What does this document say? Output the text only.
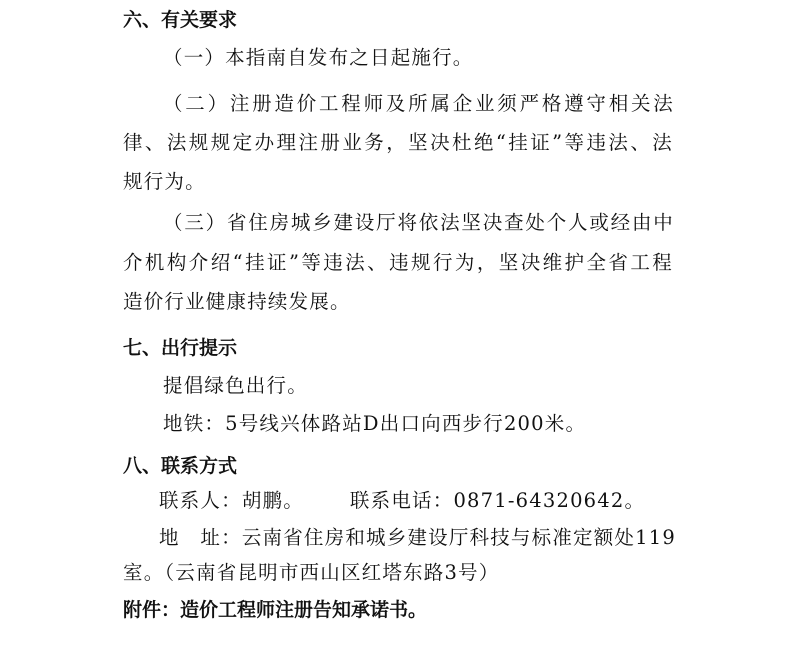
六、有关要求
（一）本指南自发布之日起施行。
（二）注册造价工程师及所属企业须严格遵守相关法
律、法规规定办理注册业务，坚决杜绝“挂证”等违法、法
规行为。
（三）省住房城乡建设厅将依法坚决查处个人或经由中
介机构介绍“挂证”等违法、违规行为，坚决维护全省工程
造价行业健康持续发展。
七、出行提示
提倡绿色出行。
地铁：5号线兴体路站D出口向西步行200米。
八、联系方式
联系人：胡鹏。 联系电话：0871-64320642。
地　址：云南省住房和城乡建设厅科技与标准定额处119
室。（云南省昆明市西山区红塔东路3号）
附件：造价工程师注册告知承诺书。
